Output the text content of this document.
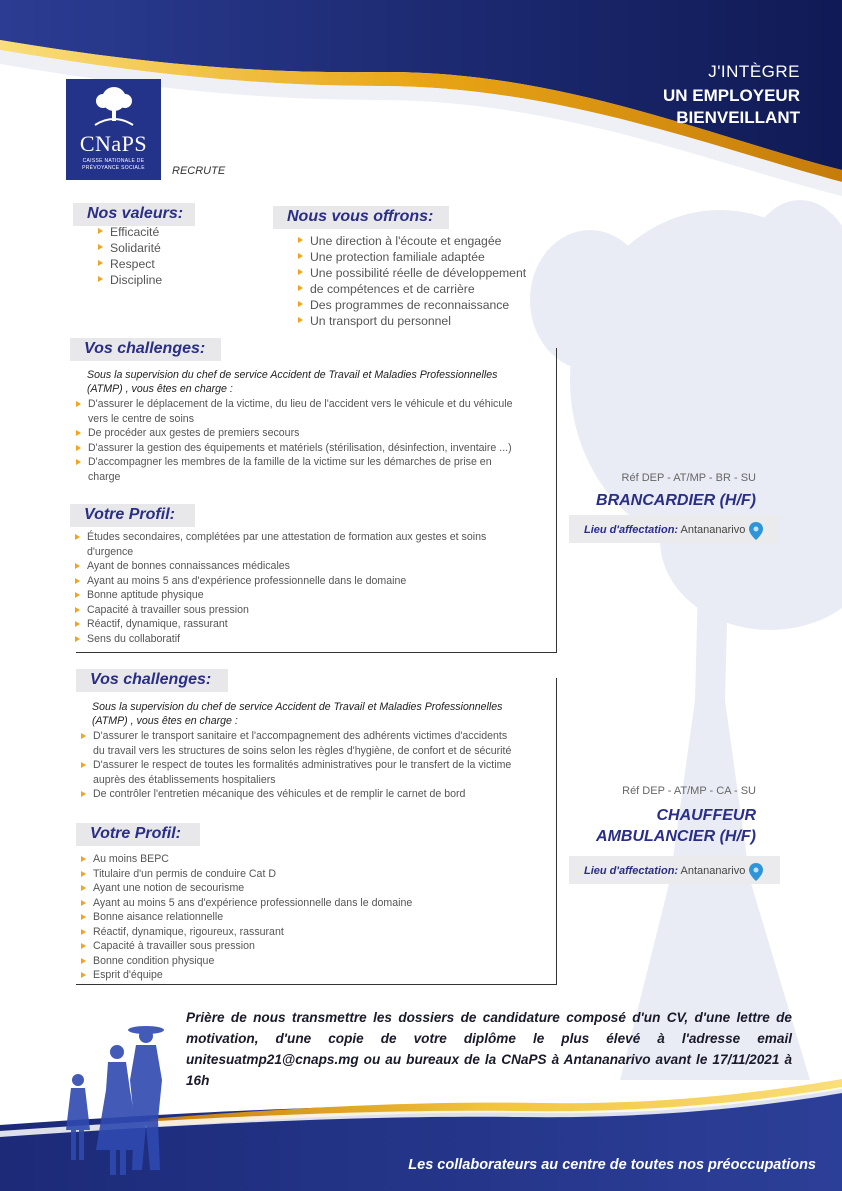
J'INTÈGRE
UN EMPLOYEUR
BIENVEILLANT
CNaPS
CAISSE NATIONALE DE
PRÉVOYANCE SOCIALE	RECRUTE
Nos valeurs:
Efficacité
Solidarité
Respect
Discipline
Nous vous offrons:
Une direction à l'écoute et engagée
Une protection familiale adaptée
Une possibilité réelle de développement
de compétences et de carrière
Des programmes de reconnaissance
Un transport du personnel
Vos challenges:
Sous la supervision du chef de service Accident de Travail et Maladies Professionnelles (ATMP) , vous êtes en charge :
D'assurer le déplacement de la victime, du lieu de l'accident vers le véhicule et du véhicule vers le centre de soins
De procéder aux gestes de premiers secours
D'assurer la gestion des équipements et matériels (stérilisation, désinfection, inventaire ...)
D'accompagner les membres de la famille de la victime sur les démarches de prise en charge
Votre Profil:
Études secondaires, complétées par une attestation de formation aux gestes et soins d'urgence
Ayant de bonnes connaissances médicales
Ayant au moins 5 ans d'expérience professionnelle dans le domaine
Bonne aptitude physique
Capacité à travailler sous pression
Réactif, dynamique, rassurant
Sens du collaboratif
Réf DEP - AT/MP - BR - SU
BRANCARDIER (H/F)
Lieu d'affectation: Antananarivo
Vos challenges:
Sous la supervision du chef de service Accident de Travail et Maladies Professionnelles (ATMP) , vous êtes en charge :
D'assurer le transport sanitaire et l'accompagnement des adhérents victimes d'accidents du travail vers les structures de soins selon les règles d'hygiène, de confort et de sécurité
D'assurer le respect de toutes les formalités administratives pour le transfert de la victime auprès des établissements hospitaliers
De contrôler l'entretien mécanique des véhicules et de remplir le carnet de bord
Votre Profil:
Au moins BEPC
Titulaire d'un permis de conduire Cat D
Ayant une notion de secourisme
Ayant au moins 5 ans d'expérience professionnelle dans le domaine
Bonne aisance relationnelle
Réactif, dynamique, rigoureux, rassurant
Capacité à travailler sous pression
Bonne condition physique
Esprit d'équipe
Réf DEP - AT/MP - CA - SU
CHAUFFEUR
AMBULANCIER (H/F)
Lieu d'affectation: Antananarivo
Prière de nous transmettre les dossiers de candidature composé d'un CV, d'une lettre de motivation, d'une copie de votre diplôme le plus élevé à l'adresse email unitesuatmp21@cnaps.mg ou au bureaux de la CNaPS à Antananarivo avant le 17/11/2021 à 16h
Les collaborateurs au centre de toutes nos préoccupations
